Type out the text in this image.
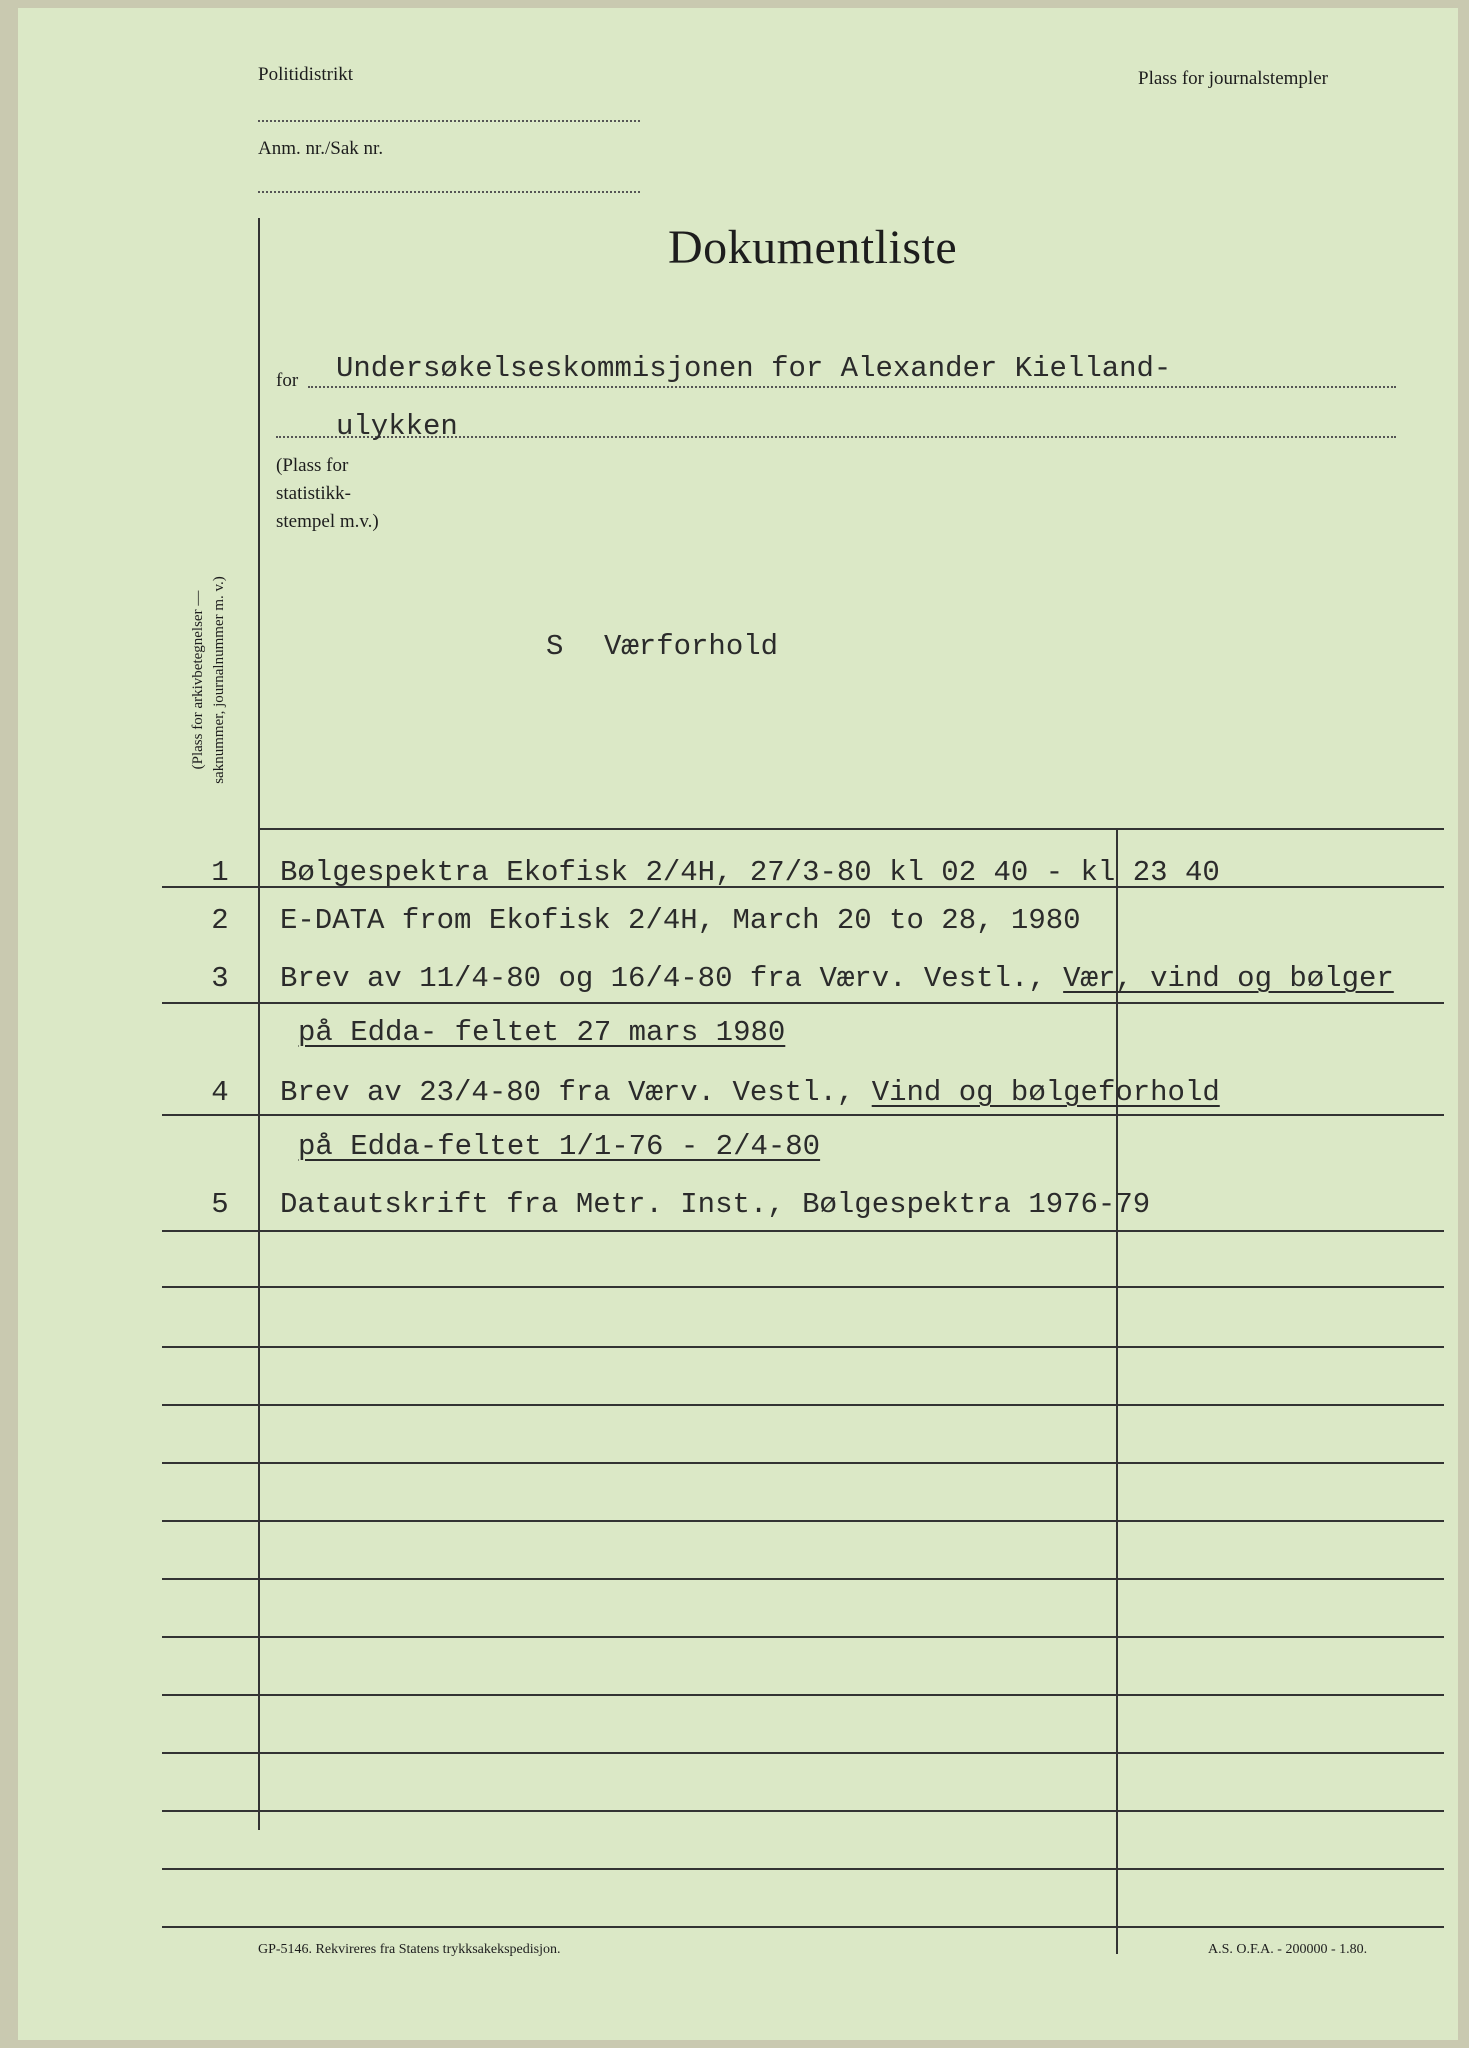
Politidistrikt
Anm. nr./Sak nr.
Plass for journalstempler
Dokumentliste
for Undersøkelseskommisjonen for Alexander Kielland-
ulykken
(Plass for
statistikk-
stempel m.v.)
(Plass for arkivbetegnelser — saknummer, journalnummer m. v.)	S Værforhold
1	Bølgespektra Ekofisk 2/4H, 27/3-80 kl 02 40 - kl 23 40
2	E-DATA from Ekofisk 2/4H, March 20 to 28, 1980
3	Brev av 11/4-80 og 16/4-80 fra Værv. Vestl., Vær, vind og bølger
på Edda- feltet 27 mars 1980
4	Brev av 23/4-80 fra Værv. Vestl., Vind og bølgeforhold
på Edda-feltet 1/1-76 - 2/4-80
5	Datautskrift fra Metr. Inst., Bølgespektra 1976-79
GP-5146. Rekvireres fra Statens trykksakekspedisjon.	A.S. O.F.A. - 200000 - 1.80.
